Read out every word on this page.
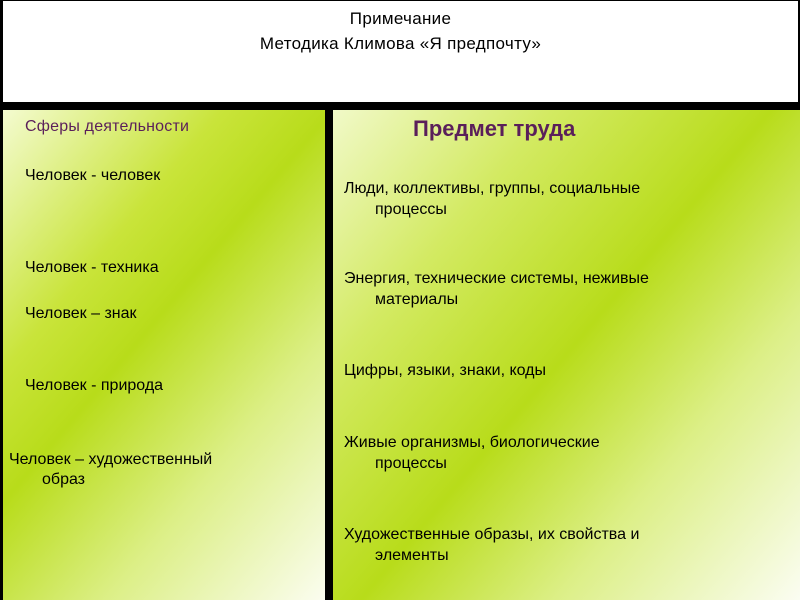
Примечание
Методика Климова «Я предпочту»
Сферы деятельности
Человек - человек
Человек - техника
Человек – знак
Человек - природа
Человек – художественный
образ
Предмет труда
Люди, коллективы, группы, социальные
процессы
Энергия, технические системы, неживые
материалы
Цифры, языки, знаки, коды
Живые организмы, биологические
процессы
Художественные образы, их свойства и
элементы
